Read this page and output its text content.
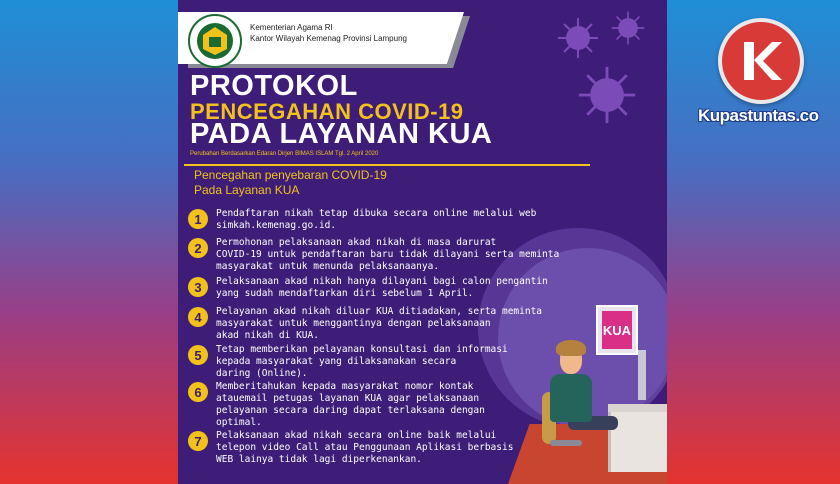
Kementerian Agama RI
Kantor Wilayah Kemenag Provinsi Lampung
PROTOKOL
PENCEGAHAN COVID-19
PADA LAYANAN KUA
Perubahan Berdasarkan Edaran Dirjen BIMAS ISLAM Tgl. 2 April 2020
Pencegahan penyebaran COVID-19
Pada Layanan KUA
KUA
1	Pendaftaran nikah tetap dibuka secara online melalui web
simkah.kemenag.go.id.
2	Permohonan pelaksanaan akad nikah di masa darurat
COVID-19 untuk pendaftaran baru tidak dilayani serta meminta
masyarakat untuk menunda pelaksanaanya.
3	Pelaksanaan akad nikah hanya dilayani bagi calon pengantin
yang sudah mendaftarkan diri sebelum 1 April.
4	Pelayanan akad nikah diluar KUA ditiadakan, serta meminta
masyarakat untuk menggantinya dengan pelaksanaan
akad nikah di KUA.
5	Tetap memberikan pelayanan konsultasi dan informasi
kepada masyarakat yang dilaksanakan secara
daring (Online).
6	Memberitahukan kepada masyarakat nomor kontak
atauemail petugas layanan KUA agar pelaksanaan
pelayanan secara daring dapat terlaksana dengan
optimal.
7	Pelaksanaan akad nikah secara online baik melalui
telepon video Call atau Penggunaan Aplikasi berbasis
WEB lainya tidak lagi diperkenankan.
Kupastuntas.co
